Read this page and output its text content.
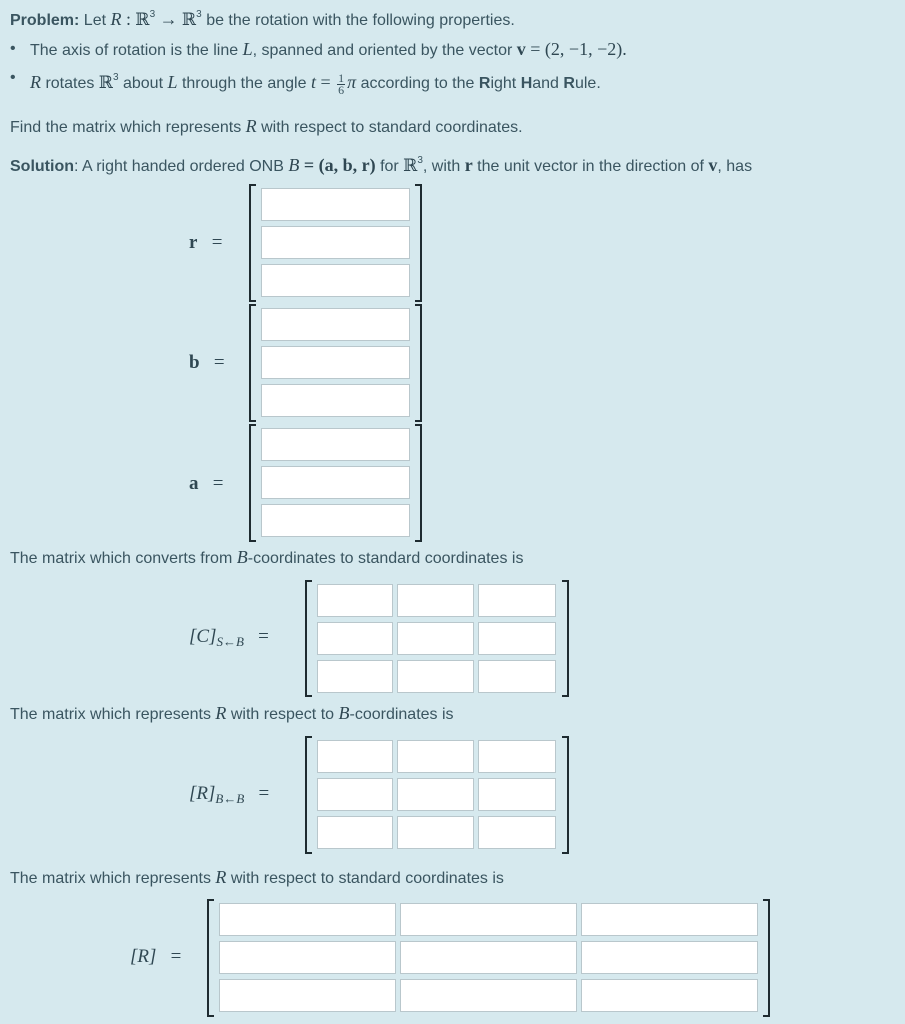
Problem: Let R : ℝ$^3$ → ℝ$^3$ be the rotation with the following properties.
• The axis of rotation is the line L, spanned and oriented by the vector v = (2, −1, −2).
• R rotates ℝ$^3$ about L through the angle $t = \frac{1}{6}$ π according to the Right Hand Rule.
Find the matrix which represents R with respect to standard coordinates.
Solution: A right handed ordered ONB B = (a, b, r) for ℝ$^3$, with r the unit vector in the direction of v, has
r =
b =
a =
The matrix which converts from B-coordinates to standard coordinates is
$[C]_{S\leftarrow B}$ =
The matrix which represents R with respect to B-coordinates is
$[R]_{B\leftarrow B}$ =
The matrix which represents R with respect to standard coordinates is
[R] =
